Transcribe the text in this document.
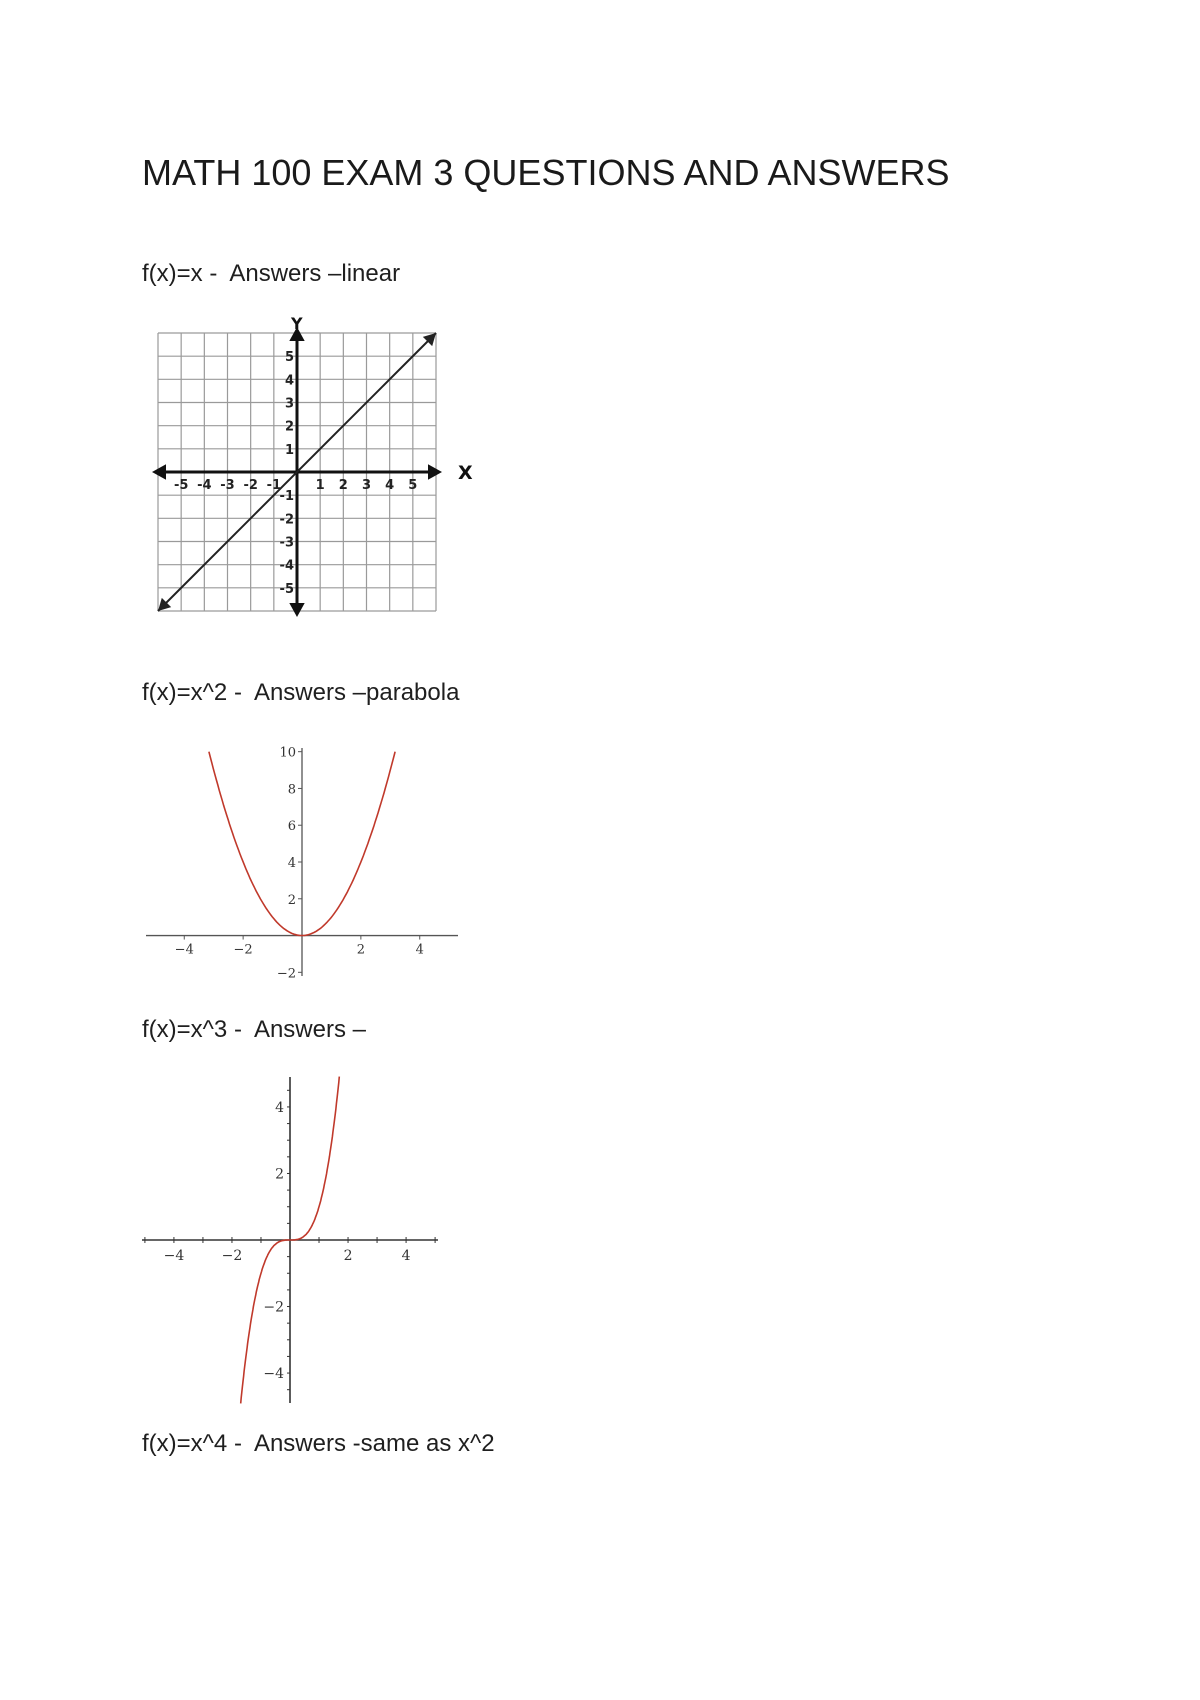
MATH 100 EXAM 3 QUESTIONS AND ANSWERS

f(x)=x -  Answers –linear

X
Y
-5 -4 -3 -2 -1	1 2 3 4 5
5
4
3
2
1
-1
-2
-3
-4
-5

f(x)=x^2 -  Answers –parabola

−4	−2	2	4
10
8
6
4
2
−2

f(x)=x^3 -  Answers –

−4	−2	2	4
4
2
−2
−4

f(x)=x^4 -  Answers -same as x^2
